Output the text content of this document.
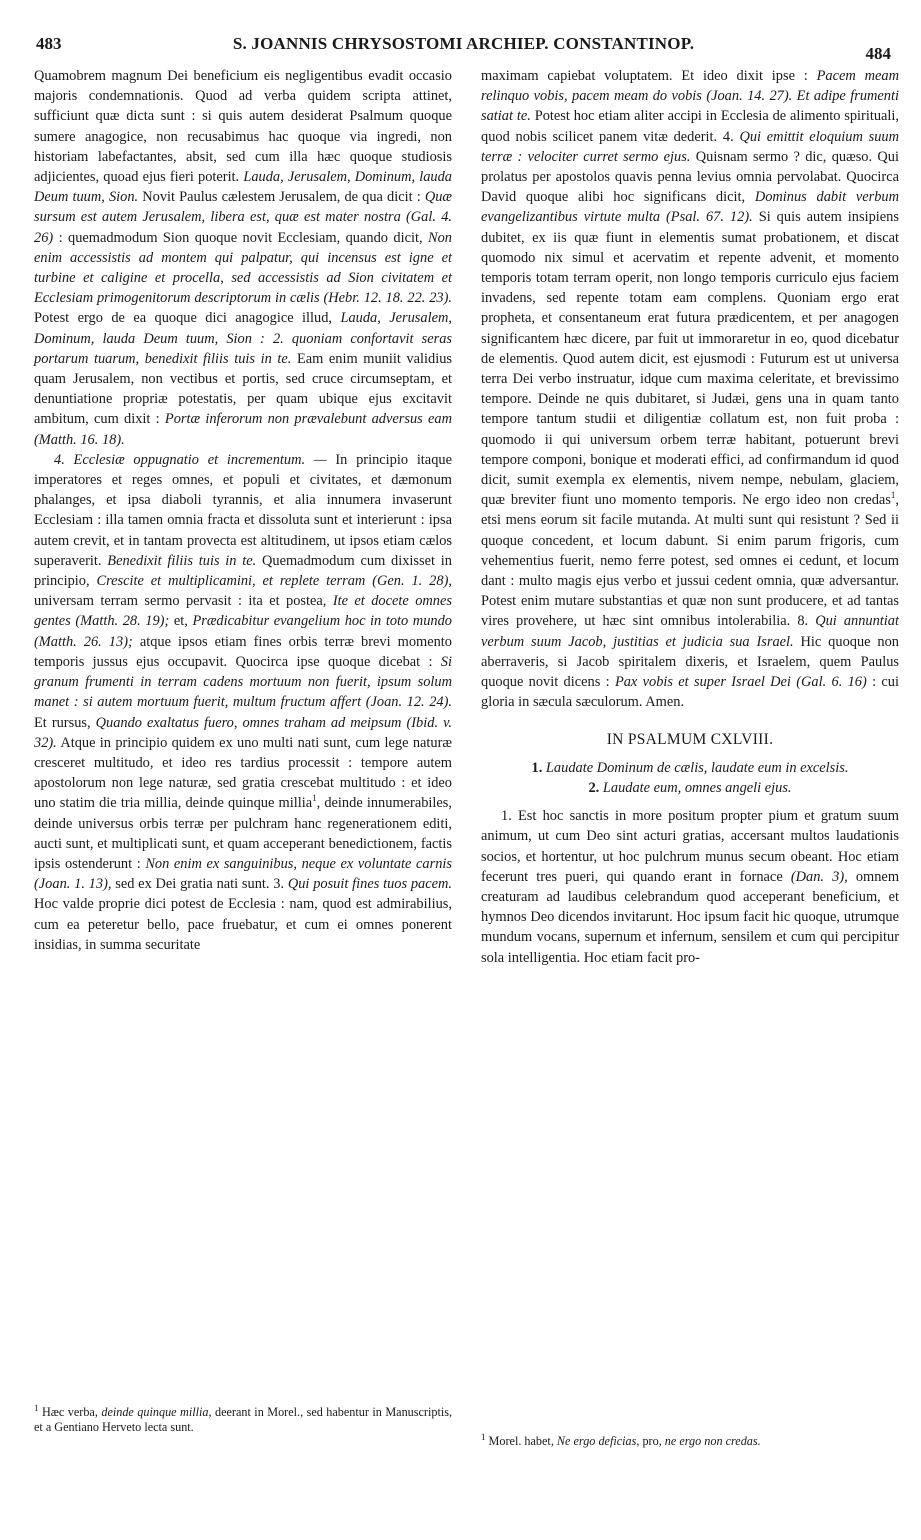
483	S. JOANNIS CHRYSOSTOMI ARCHIEP. CONSTANTINOP.
484

Quamobrem magnum Dei beneficium eis negligentibus evadit occasio majoris condemnationis. Quod ad verba quidem scripta attinet, sufficiunt quæ dicta sunt : si quis autem desiderat Psalmum quoque sumere anagogice, non recusabimus hac quoque via ingredi, non historiam labefactantes, absit, sed cum illa hæc quoque studiosis adjicientes, quoad ejus fieri poterit. Lauda, Jerusalem, Dominum, lauda Deum tuum, Sion. Novit Paulus cælestem Jerusalem, de qua dicit : Quæ sursum est autem Jerusalem, libera est, quæ est mater nostra (Gal. 4. 26) : quemadmodum Sion quoque novit Ecclesiam, quando dicit, Non enim accessistis ad montem qui palpatur, qui incensus est igne et turbine et caligine et procella, sed accessistis ad Sion civitatem et Ecclesiam primogenitorum descriptorum in cælis (Hebr. 12. 18. 22. 23). Potest ergo de ea quoque dici anagogice illud, Lauda, Jerusalem, Dominum, lauda Deum tuum, Sion : 2. quoniam confortavit seras portarum tuarum, benedixit filiis tuis in te. Eam enim muniit validius quam Jerusalem, non vectibus et portis, sed cruce circumseptam, et denuntiatione propriæ potestatis, per quam ubique ejus excitavit ambitum, cum dixit : Portæ inferorum non prævalebunt adversus eam (Matth. 16. 18).

4. Ecclesiæ oppugnatio et incrementum. — In principio itaque imperatores et reges omnes, et populi et civitates, et dæmonum phalanges, et ipsa diaboli tyrannis, et alia innumera invaserunt Ecclesiam : illa tamen omnia fracta et dissoluta sunt et interierunt : ipsa autem crevit, et in tantam provecta est altitudinem, ut ipsos etiam cælos superaverit. Benedixit filiis tuis in te. Quemadmodum cum dixisset in principio, Crescite et multiplicamini, et replete terram (Gen. 1. 28), universam terram sermo pervasit : ita et postea, Ite et docete omnes gentes (Matth. 28. 19); et, Prædicabitur evangelium hoc in toto mundo (Matth. 26. 13); atque ipsos etiam fines orbis terræ brevi momento temporis jussus ejus occupavit. Quocirca ipse quoque dicebat : Si granum frumenti in terram cadens mortuum non fuerit, ipsum solum manet : si autem mortuum fuerit, multum fructum affert (Joan. 12. 24). Et rursus, Quando exaltatus fuero, omnes traham ad meipsum (Ibid. v. 32). Atque in principio quidem ex uno multi nati sunt, cum lege naturæ cresceret multitudo, et ideo res tardius processit : tempore autem apostolorum non lege naturæ, sed gratia crescebat multitudo : et ideo uno statim die tria millia, deinde quinque millia$^1$, deinde innumerabiles, deinde universus orbis terræ per pulchram hanc regenerationem editi, aucti sunt, et multiplicati sunt, et quam acceperant benedictionem, factis ipsis ostenderunt : Non enim ex sanguinibus, neque ex voluntate carnis (Joan. 1. 13), sed ex Dei gratia nati sunt. 3. Qui posuit fines tuos pacem. Hoc valde proprie dici potest de Ecclesia : nam, quod est admirabilius, cum ea peteretur bello, pace fruebatur, et cum ei omnes ponerent insidias, in summa securitate

maximam capiebat voluptatem. Et ideo dixit ipse : Pacem meam relinquo vobis, pacem meam do vobis (Joan. 14. 27). Et adipe frumenti satiat te. Potest hoc etiam aliter accipi in Ecclesia de alimento spirituali, quod nobis scilicet panem vitæ dederit. 4. Qui emittit eloquium suum terræ : velociter curret sermo ejus. Quisnam sermo ? dic, quæso. Qui prolatus per apostolos quavis penna levius omnia pervolabat. Quocirca David quoque alibi hoc significans dicit, Dominus dabit verbum evangelizantibus virtute multa (Psal. 67. 12). Si quis autem insipiens dubitet, ex iis quæ fiunt in elementis sumat probationem, et discat quomodo nix simul et acervatim et repente advenit, et momento temporis totam terram operit, non longo temporis curriculo ejus faciem invadens, sed repente totam eam complens. Quoniam ergo erat propheta, et consentaneum erat futura prædicentem, et per anagogen significantem hæc dicere, par fuit ut immoraretur in eo, quod dicebatur de elementis. Quod autem dicit, est ejusmodi : Futurum est ut universa terra Dei verbo instruatur, idque cum maxima celeritate, et brevissimo tempore. Deinde ne quis dubitaret, si Judæi, gens una in quam tanto tempore tantum studii et diligentiæ collatum est, non fuit proba : quomodo ii qui universum orbem terræ habitant, potuerunt brevi tempore componi, bonique et moderati effici, ad confirmandum id quod dicit, sumit exempla ex elementis, nivem nempe, nebulam, glaciem, quæ breviter fiunt uno momento temporis. Ne ergo ideo non credas$^1$, etsi mens eorum sit facile mutanda. At multi sunt qui resistunt ? Sed ii quoque concedent, et locum dabunt. Si enim parum frigoris, cum vehementius fuerit, nemo ferre potest, sed omnes ei cedunt, et locum dant : multo magis ejus verbo et jussui cedent omnia, quæ adversantur. Potest enim mutare substantias et quæ non sunt producere, et ad tantas vires provehere, ut hæc sint omnibus intolerabilia. 8. Qui annuntiat verbum suum Jacob, justitias et judicia sua Israel. Hic quoque non aberraveris, si Jacob spiritalem dixeris, et Israelem, quem Paulus quoque novit dicens : Pax vobis et super Israel Dei (Gal. 6. 16) : cui gloria in sæcula sæculorum. Amen.

IN PSALMUM CXLVIII.

1. Laudate Dominum de cælis, laudate eum in excelsis.

2. Laudate eum, omnes angeli ejus.

1. Est hoc sanctis in more positum propter pium et gratum suum animum, ut cum Deo sint acturi gratias, accersant multos laudationis socios, et hortentur, ut hoc pulchrum munus secum obeant. Hoc etiam fecerunt tres pueri, qui quando erant in fornace (Dan. 3), omnem creaturam ad laudibus celebrandum quod acceperant beneficium, et hymnos Deo dicendos invitarunt. Hoc ipsum facit hic quoque, utrumque mundum vocans, supernum et infernum, sensilem et cum qui percipitur sola intelligentia. Hoc etiam facit pro-

$^1$ Hæc verba, deinde quinque millia, deerant in Morel., sed habentur in Manuscriptis, et a Gentiano Herveto lecta sunt.
$^1$ Morel. habet, Ne ergo deficias, pro, ne ergo non credas.
